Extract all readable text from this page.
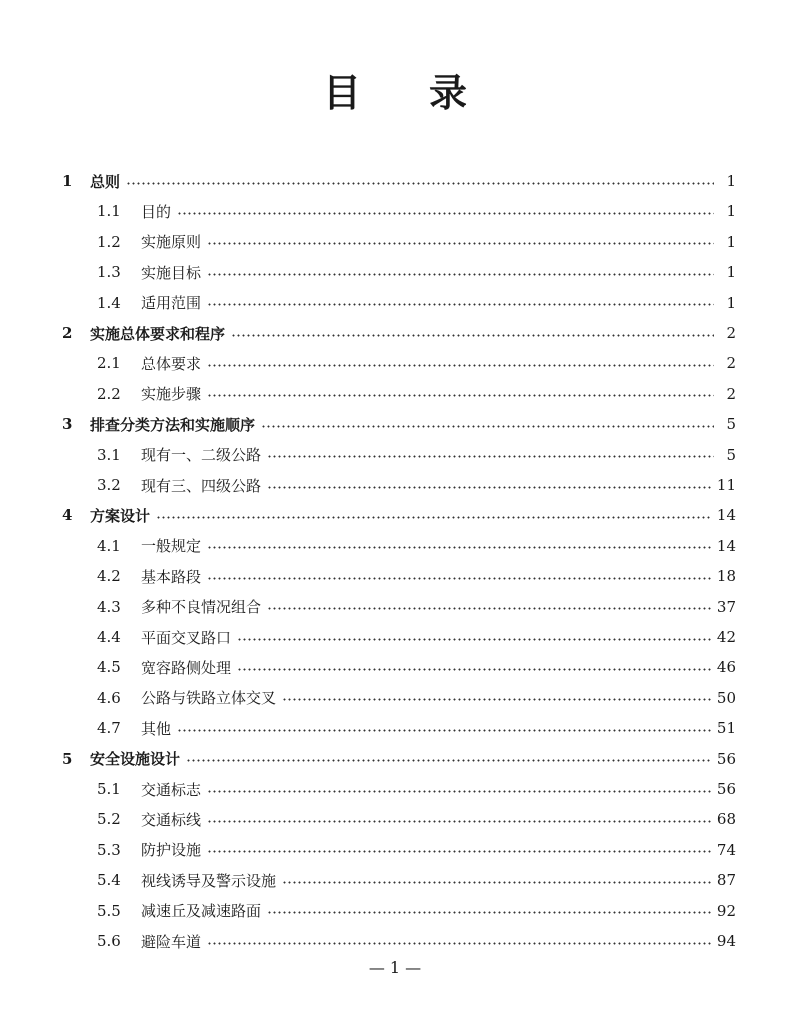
目 录
1	总则	1
1.1	目的	1
1.2	实施原则	1
1.3	实施目标	1
1.4	适用范围	1
2	实施总体要求和程序	2
2.1	总体要求	2
2.2	实施步骤	2
3	排查分类方法和实施顺序	5
3.1	现有一、二级公路	5
3.2	现有三、四级公路	11
4	方案设计	14
4.1	一般规定	14
4.2	基本路段	18
4.3	多种不良情况组合	37
4.4	平面交叉路口	42
4.5	宽容路侧处理	46
4.6	公路与铁路立体交叉	50
4.7	其他	51
5	安全设施设计	56
5.1	交通标志	56
5.2	交通标线	68
5.3	防护设施	74
5.4	视线诱导及警示设施	87
5.5	减速丘及减速路面	92
5.6	避险车道	94
— 1 —
